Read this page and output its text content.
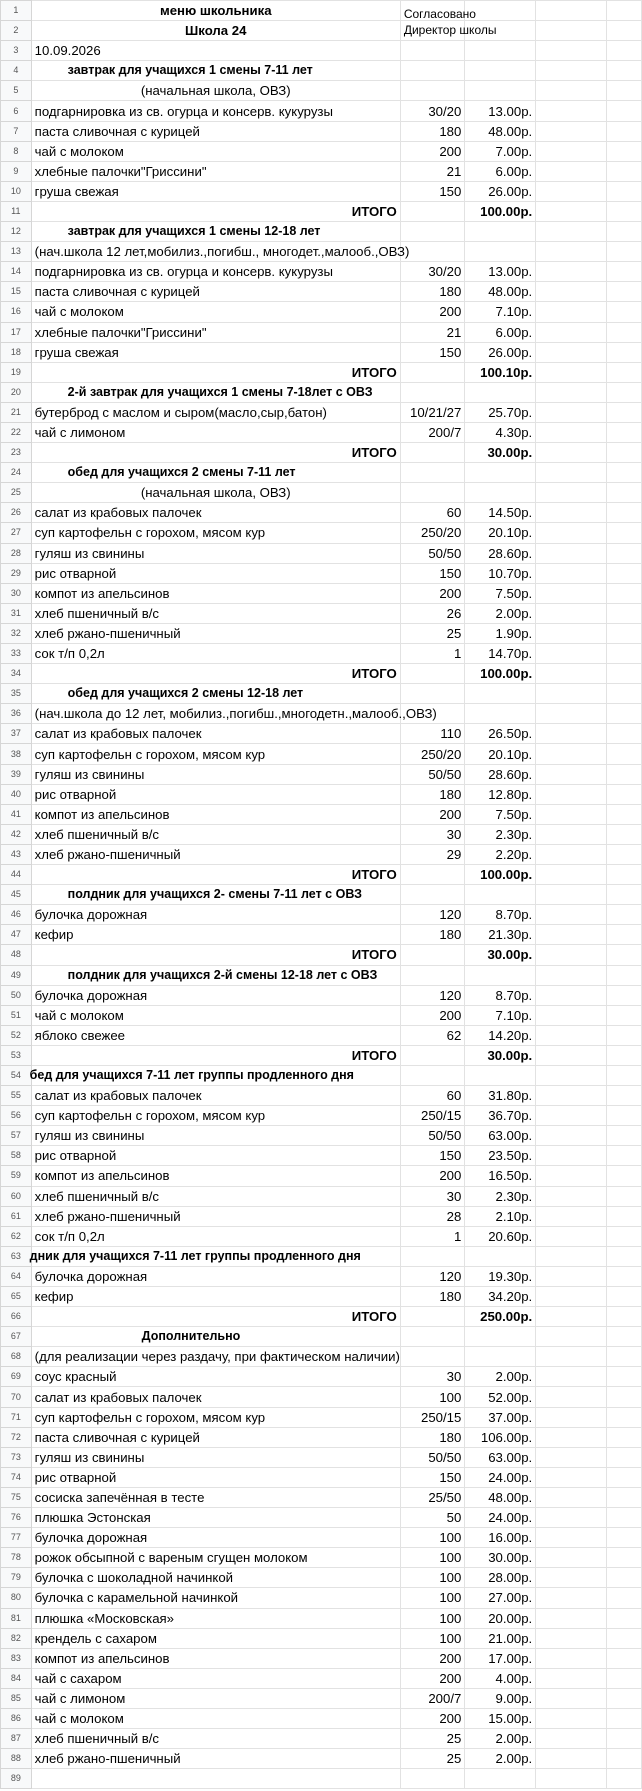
1	меню школьника	Согласовано			

2	Школа 24	Директор школы			

3	10.09.2026				
4	завтрак для учащихся 1 смены 7-11 лет				

5	(начальная школа, ОВЗ)				
6	подгарнировка из св. огурца и консерв. кукурузы	30/20	13.00р.		
7	паста сливочная с курицей	180	48.00р.		
8	чай с молоком	200	7.00р.		
9	хлебные палочки"Гриссини"	21	6.00р.		
10	груша свежая	150	26.00р.		
11	ИТОГО		100.00р.		
12	завтрак для учащихся 1 смены 12-18 лет				

13	(нач.школа 12 лет,мобилиз.,погибш., многодет.,малооб.,ОВЗ)				
14	подгарнировка из св. огурца и консерв. кукурузы	30/20	13.00р.		
15	паста сливочная с курицей	180	48.00р.		
16	чай с молоком	200	7.10р.		
17	хлебные палочки"Гриссини"	21	6.00р.		
18	груша свежая	150	26.00р.		
19	ИТОГО		100.10р.		
20	2-й завтрак для учащихся 1 смены 7-18лет с ОВЗ				

21	бутерброд с маслом и сыром(масло,сыр,батон)	10/21/27	25.70р.		
22	чай с лимоном	200/7	4.30р.		
23	ИТОГО		30.00р.		
24	обед для учащихся 2 смены 7-11 лет				

25	(начальная школа, ОВЗ)				
26	салат из крабовых палочек	60	14.50р.		
27	суп картофельн с горохом, мясом кур	250/20	20.10р.		
28	гуляш из свинины	50/50	28.60р.		
29	рис отварной	150	10.70р.		
30	компот из апельсинов	200	7.50р.		
31	хлеб пшеничный в/с	26	2.00р.		
32	хлеб ржано-пшеничный	25	1.90р.		
33	сок т/п 0,2л	1	14.70р.		
34	ИТОГО		100.00р.		
35	обед для учащихся 2 смены 12-18 лет				

36	(нач.школа до 12 лет, мобилиз.,погибш.,многодетн.,малооб.,ОВЗ)				
37	салат из крабовых палочек	110	26.50р.		
38	суп картофельн с горохом, мясом кур	250/20	20.10р.		
39	гуляш из свинины	50/50	28.60р.		
40	рис отварной	180	12.80р.		
41	компот из апельсинов	200	7.50р.		
42	хлеб пшеничный в/с	30	2.30р.		
43	хлеб ржано-пшеничный	29	2.20р.		
44	ИТОГО		100.00р.		
45	полдник для учащихся 2- смены 7-11 лет с ОВЗ				

46	булочка дорожная	120	8.70р.		
47	кефир	180	21.30р.		
48	ИТОГО		30.00р.		
49	полдник для учащихся 2-й смены 12-18 лет с ОВЗ				

50	булочка дорожная	120	8.70р.		
51	чай с молоком	200	7.10р.		
52	яблоко свежее	62	14.20р.		
53	ИТОГО		30.00р.		
54	бед для учащихся 7-11 лет группы продленного дня				

55	салат из крабовых палочек	60	31.80р.		
56	суп картофельн с горохом, мясом кур	250/15	36.70р.		
57	гуляш из свинины	50/50	63.00р.		
58	рис отварной	150	23.50р.		
59	компот из апельсинов	200	16.50р.		
60	хлеб пшеничный в/с	30	2.30р.		
61	хлеб ржано-пшеничный	28	2.10р.		
62	сок т/п 0,2л	1	20.60р.		
63	дник для учащихся 7-11 лет группы продленного дня				

64	булочка дорожная	120	19.30р.		
65	кефир	180	34.20р.		
66	ИТОГО		250.00р.		
67	Дополнительно				

68	(для реализации через раздачу, при фактическом наличии)				
69	соус красный	30	2.00р.		
70	салат из крабовых палочек	100	52.00р.		
71	суп картофельн с горохом, мясом кур	250/15	37.00р.		
72	паста сливочная с курицей	180	106.00р.		
73	гуляш из свинины	50/50	63.00р.		
74	рис отварной	150	24.00р.		
75	сосиска запечённая в тесте	25/50	48.00р.		
76	плюшка Эстонская	50	24.00р.		
77	булочка дорожная	100	16.00р.		
78	рожок обсыпной с вареным сгущен молоком	100	30.00р.		
79	булочка с шоколадной начинкой	100	28.00р.		
80	булочка с карамельной начинкой	100	27.00р.		
81	плюшка «Московская»	100	20.00р.		
82	крендель с сахаром	100	21.00р.		
83	компот из апельсинов	200	17.00р.		
84	чай с сахаром	200	4.00р.		
85	чай с лимоном	200/7	9.00р.		
86	чай с молоком	200	15.00р.		
87	хлеб пшеничный в/с	25	2.00р.		
88	хлеб ржано-пшеничный	25	2.00р.		
89					
